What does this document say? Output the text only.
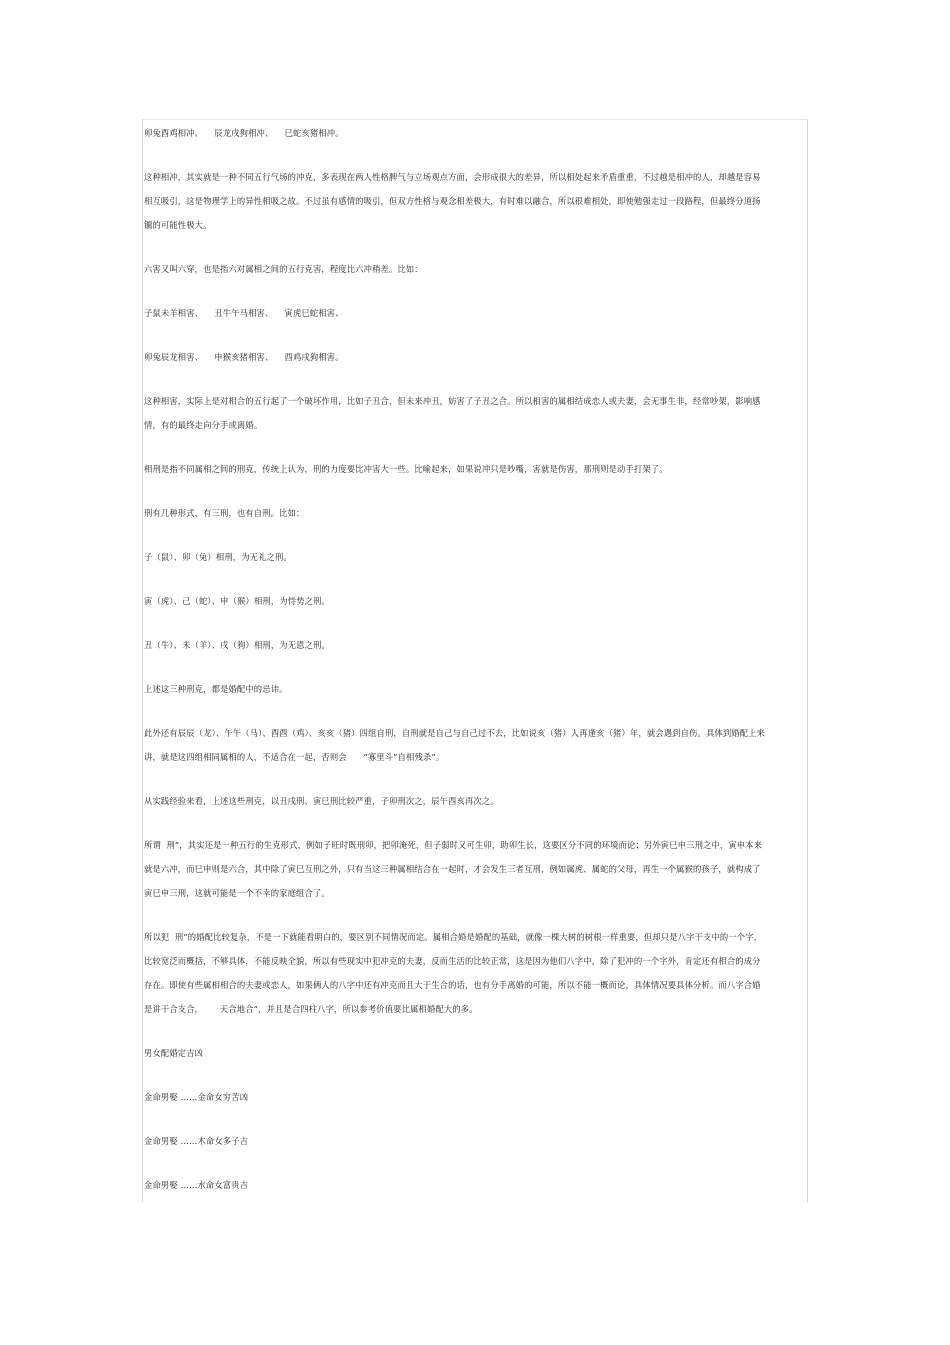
卯兔酉鸡相冲、    辰龙戌狗相冲、    巳蛇亥猪相冲。

这种相冲，其实就是一种不同五行气场的冲克，多表现在两人性格脾气与立场观点方面，会形成很大的差异，所以相处起来矛盾重重，不过越是相冲的人，却越是容易相互吸引，这是物理学上的异性相吸之故。不过虽有感情的吸引，但双方性格与观念相差极大，有时难以融合，所以很难相处，即使勉强走过一段路程，但最终分道扬镳的可能性极大。

六害又叫六穿，也是指六对属相之间的五行克害，程度比六冲稍差。比如：

子鼠未羊相害、    丑牛午马相害、    寅虎巳蛇相害、

卯兔辰龙相害、    申猴亥猪相害、    酉鸡戌狗相害。

这种相害，实际上是对相合的五行起了一个破坏作用，比如子丑合，但未来冲丑，妨害了子丑之合。所以相害的属相结成恋人或夫妻，会无事生非，经常吵架，影响感情，有的最终走向分手或离婚。

相刑是指不同属相之间的刑克，传统上认为，刑的力度要比冲害大一些。比喻起来，如果说冲只是吵嘴，害就是伤害，那刑则是动手打架了。

刑有几种形式，有三刑，也有自刑。比如：

子（鼠）、卯（兔）相刑，为无礼之刑。

寅（虎）、己（蛇）、申（猴）相刑，为恃势之刑。

丑（牛）、未（羊）、戌（狗）相刑，为无恩之刑。

上述这三种刑克，都是婚配中的忌讳。

此外还有辰辰（龙）、午午（马）、酉酉（鸡）、亥亥（猪）四组自刑，自刑就是自己与自己过不去，比如说亥（猪）人再逢亥（猪）年，就会遇到自伤。具体到婚配上来讲，就是这四组相同属相的人，不适合在一起，否则会      “寡里斗”自相残杀”。

从实践经验来看，上述这些刑克，以丑戌刑、寅巳刑比较严重，子卯刑次之，辰午酉亥再次之。

所谓  刑”，其实还是一种五行的生克形式，例如子旺时既刑卯，把卯淹死，但子弱时又可生卯，助卯生长，这要区分不同的环境而论；另外寅巳申三刑之中，寅申本来就是六冲，而巳申则是六合，其中除了寅巳互刑之外，只有当这三种属相结合在一起时，才会发生三者互刑，例如属虎、属蛇的父母，再生一个属猴的孩子，就构成了寅巳申三刑，这就可能是一个不幸的家庭组合了。

所以犯  刑”的婚配比较复杂，不是一下就能看明白的，要区别不同情况而定。属相合婚是婚配的基础，就像一棵大树的树根一样重要，但却只是八字干支中的一个字，比较宽泛而概括，不够具体，不能反映全貌，所以有些现实中犯冲克的夫妻，反而生活的比较正常，这是因为他们八字中，除了犯冲的一个字外，肯定还有相合的成分存在。即使有些属相相合的夫妻或恋人，如果俩人的八字中还有冲克而且大于生合的话，也有分手离婚的可能，所以不能一概而论，具体情况要具体分析。而八字合婚是讲干合支合，      天合地合”，并且是合四柱八字，所以参考价值要比属相婚配大的多。

男女配婚定吉凶

金命男娶 ……金命女穷苦凶

金命男娶 ……木命女多子吉

金命男娶 ……水命女富贵吉
